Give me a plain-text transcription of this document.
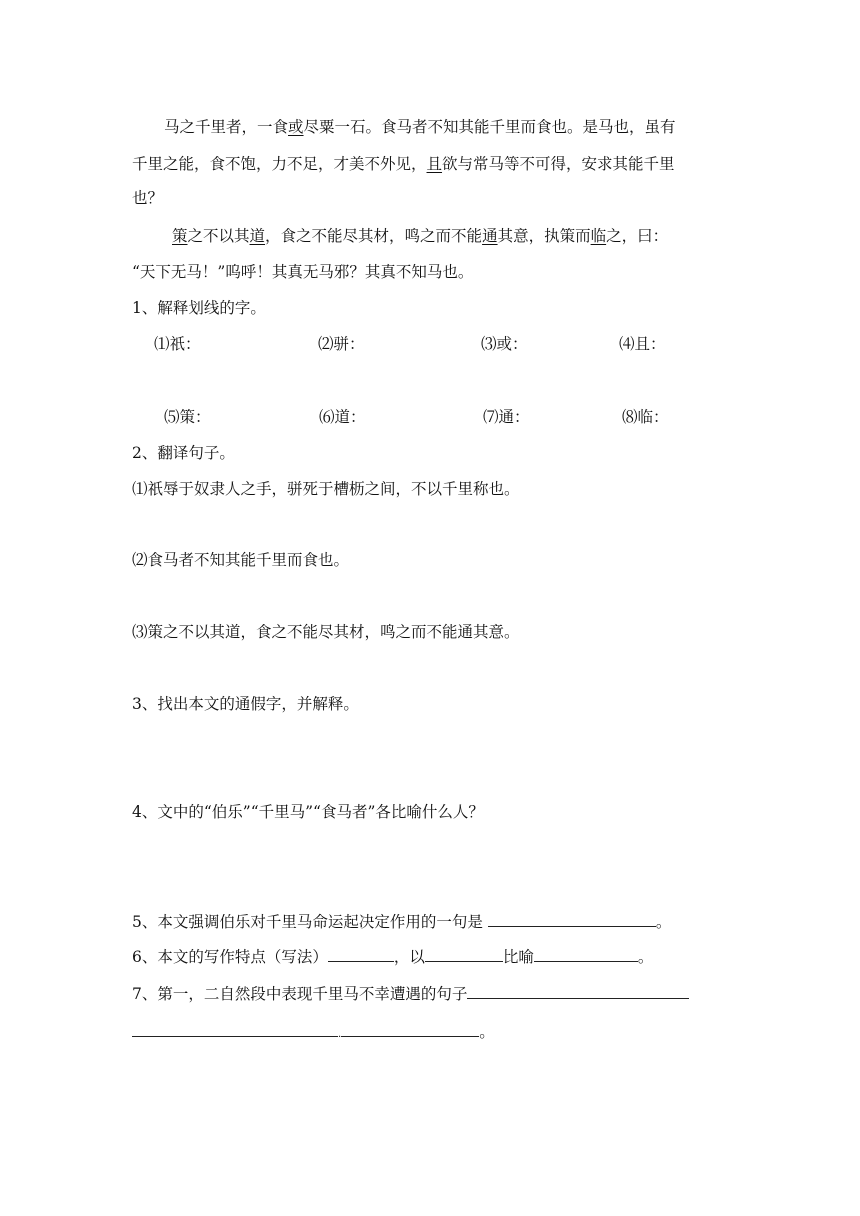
马之千里者，一食或尽粟一石。食马者不知其能千里而食也。是马也，虽有
千里之能，食不饱，力不足，才美不外见，且欲与常马等不可得，安求其能千里
也？
策之不以其道，食之不能尽其材，鸣之而不能通其意，执策而临之，曰：
“天下无马！”呜呼！其真无马邪？其真不知马也。
1、解释划线的字。
⑴祇：	⑵骈：	⑶或：	⑷且：
⑸策：	⑹道：	⑺通：	⑻临：
2、翻译句子。
⑴祇辱于奴隶人之手，骈死于槽枥之间，不以千里称也。
⑵食马者不知其能千里而食也。
⑶策之不以其道，食之不能尽其材，鸣之而不能通其意。
3、找出本文的通假字，并解释。
4、文中的“伯乐”“千里马”“食马者”各比喻什么人？
5、本文强调伯乐对千里马命运起决定作用的一句是	。
6、本文的写作特点（写法）	，以	比喻	。
7、第一，二自然段中表现千里马不幸遭遇的句子
.	。
